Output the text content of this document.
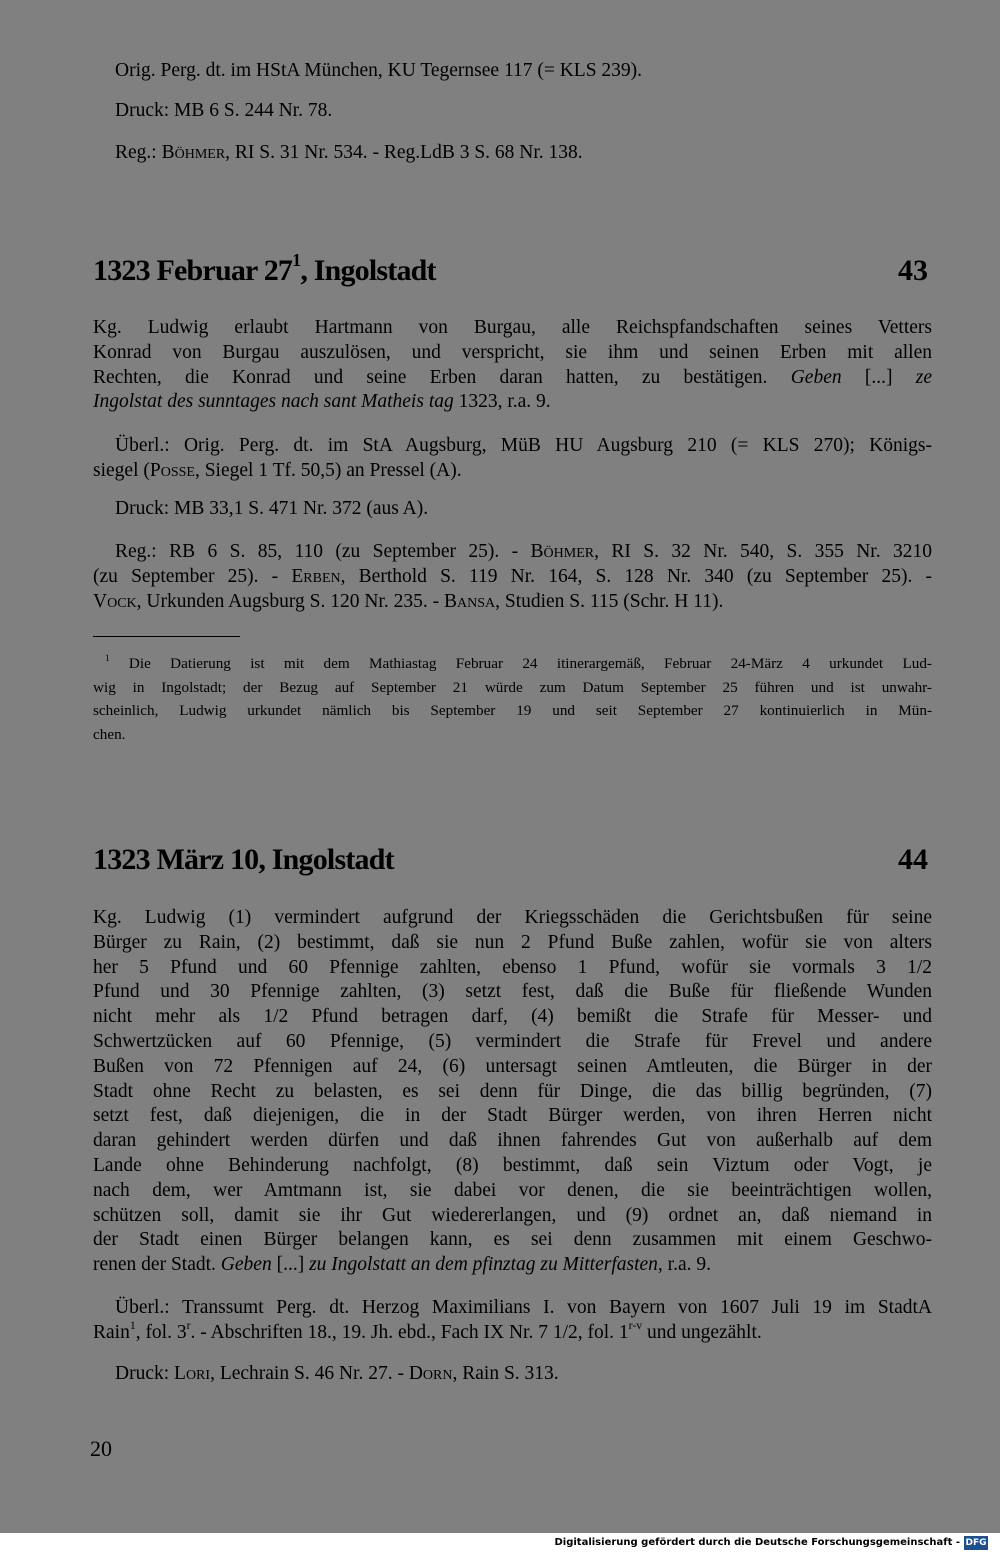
Orig. Perg. dt. im HStA München, KU Tegernsee 117 (= KLS 239).
Druck: MB 6 S. 244 Nr. 78.
Reg.: Böhmer, RI S. 31 Nr. 534. - Reg.LdB 3 S. 68 Nr. 138.
1323 Februar $27^1$, Ingolstadt	43
Kg. Ludwig erlaubt Hartmann von Burgau, alle Reichspfandschaften seines Vetters
Konrad von Burgau auszulösen, und verspricht, sie ihm und seinen Erben mit allen
Rechten, die Konrad und seine Erben daran hatten, zu bestätigen. Geben [...] ze
Ingolstat des sunntages nach sant Matheis tag 1323, r.a. 9.
Überl.: Orig. Perg. dt. im StA Augsburg, MüB HU Augsburg 210 (= KLS 270); Königs-
siegel (Posse, Siegel 1 Tf. 50,5) an Pressel (A).
Druck: MB 33,1 S. 471 Nr. 372 (aus A).
Reg.: RB 6 S. 85, 110 (zu September 25). - Böhmer, RI S. 32 Nr. 540, S. 355 Nr. 3210
(zu September 25). - Erben, Berthold S. 119 Nr. 164, S. 128 Nr. 340 (zu September 25). -
Vock, Urkunden Augsburg S. 120 Nr. 235. - Bansa, Studien S. 115 (Schr. H 11).
$^1$ Die Datierung ist mit dem Mathiastag Februar 24 itinerargemäß, Februar 24-März 4 urkundet Lud-
wig in Ingolstadt; der Bezug auf September 21 würde zum Datum September 25 führen und ist unwahr-
scheinlich, Ludwig urkundet nämlich bis September 19 und seit September 27 kontinuierlich in Mün-
chen.
1323 März 10, Ingolstadt	44
Kg. Ludwig (1) vermindert aufgrund der Kriegsschäden die Gerichtsbußen für seine
Bürger zu Rain, (2) bestimmt, daß sie nun 2 Pfund Buße zahlen, wofür sie von alters
her 5 Pfund und 60 Pfennige zahlten, ebenso 1 Pfund, wofür sie vormals 3 1/2
Pfund und 30 Pfennige zahlten, (3) setzt fest, daß die Buße für fließende Wunden
nicht mehr als 1/2 Pfund betragen darf, (4) bemißt die Strafe für Messer- und
Schwertzücken auf 60 Pfennige, (5) vermindert die Strafe für Frevel und andere
Bußen von 72 Pfennigen auf 24, (6) untersagt seinen Amtleuten, die Bürger in der
Stadt ohne Recht zu belasten, es sei denn für Dinge, die das billig begründen, (7)
setzt fest, daß diejenigen, die in der Stadt Bürger werden, von ihren Herren nicht
daran gehindert werden dürfen und daß ihnen fahrendes Gut von außerhalb auf dem
Lande ohne Behinderung nachfolgt, (8) bestimmt, daß sein Viztum oder Vogt, je
nach dem, wer Amtmann ist, sie dabei vor denen, die sie beeinträchtigen wollen,
schützen soll, damit sie ihr Gut wiedererlangen, und (9) ordnet an, daß niemand in
der Stadt einen Bürger belangen kann, es sei denn zusammen mit einem Geschwo-
renen der Stadt. Geben [...] zu Ingolstatt an dem pfinztag zu Mitterfasten, r.a. 9.
Überl.: Transsumt Perg. dt. Herzog Maximilians I. von Bayern von 1607 Juli 19 im StadtA
Rain$^1$, fol. 3$^r$. - Abschriften 18., 19. Jh. ebd., Fach IX Nr. 7 1/2, fol. 1$^{r-v}$ und ungezählt.
Druck: Lori, Lechrain S. 46 Nr. 27. - Dorn, Rain S. 313.
20
Digitalisierung gefördert durch die Deutsche Forschungsgemeinschaft - DFG
